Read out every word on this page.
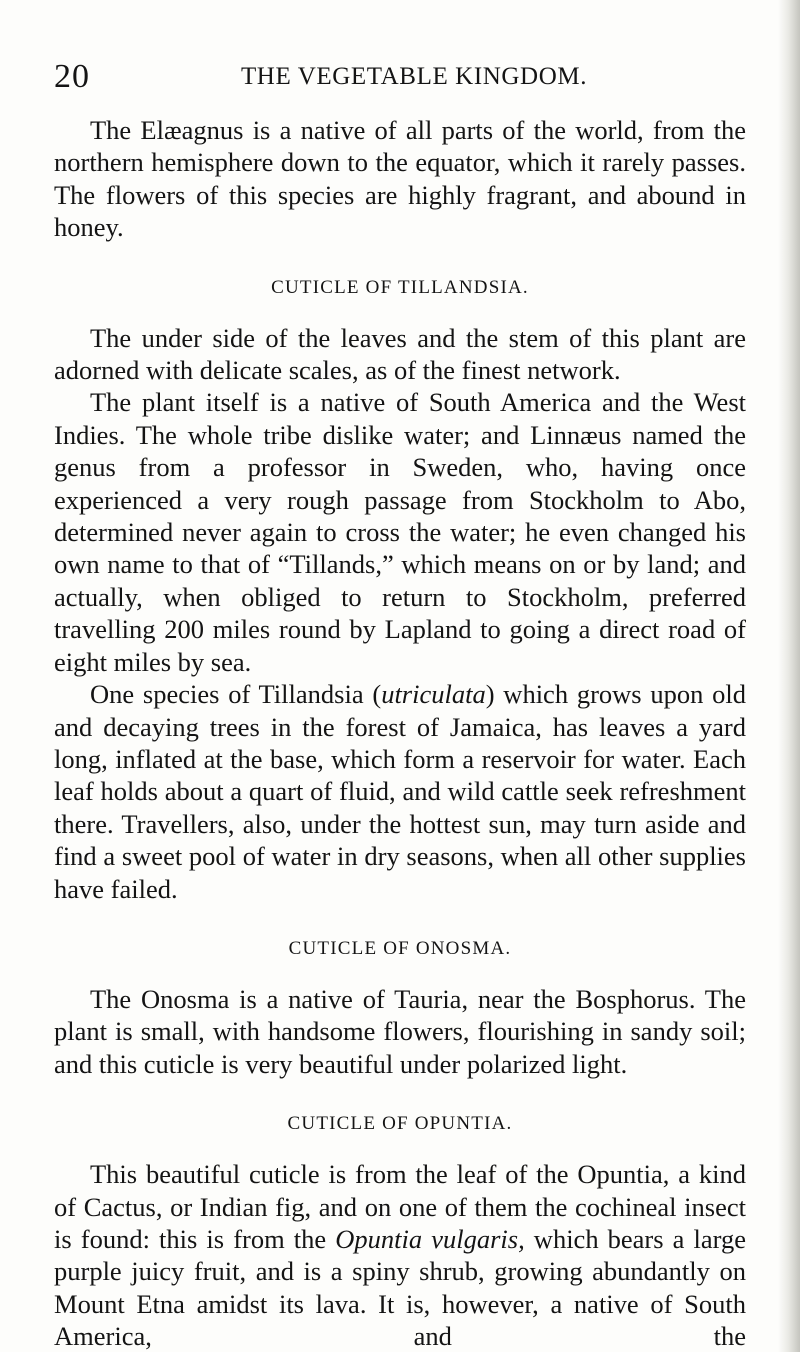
20	THE VEGETABLE KINGDOM.

The Elæagnus is a native of all parts of the world, from the northern hemisphere down to the equator, which it rarely passes. The flowers of this species are highly fragrant, and abound in honey.

CUTICLE OF TILLANDSIA.

The under side of the leaves and the stem of this plant are adorned with delicate scales, as of the finest network.

The plant itself is a native of South America and the West Indies. The whole tribe dislike water; and Linnæus named the genus from a professor in Sweden, who, having once experienced a very rough passage from Stockholm to Abo, determined never again to cross the water; he even changed his own name to that of “Tillands,” which means on or by land; and actually, when obliged to return to Stockholm, preferred travelling 200 miles round by Lapland to going a direct road of eight miles by sea.

One species of Tillandsia (utriculata) which grows upon old and decaying trees in the forest of Jamaica, has leaves a yard long, inflated at the base, which form a reservoir for water. Each leaf holds about a quart of fluid, and wild cattle seek refreshment there. Travellers, also, under the hottest sun, may turn aside and find a sweet pool of water in dry seasons, when all other supplies have failed.

CUTICLE OF ONOSMA.

The Onosma is a native of Tauria, near the Bosphorus. The plant is small, with handsome flowers, flourishing in sandy soil; and this cuticle is very beautiful under polarized light.

CUTICLE OF OPUNTIA.

This beautiful cuticle is from the leaf of the Opuntia, a kind of Cactus, or Indian fig, and on one of them the cochineal insect is found: this is from the Opuntia vulgaris, which bears a large purple juicy fruit, and is a spiny shrub, growing abundantly on Mount Etna amidst its lava. It is, however, a native of South America, and the
